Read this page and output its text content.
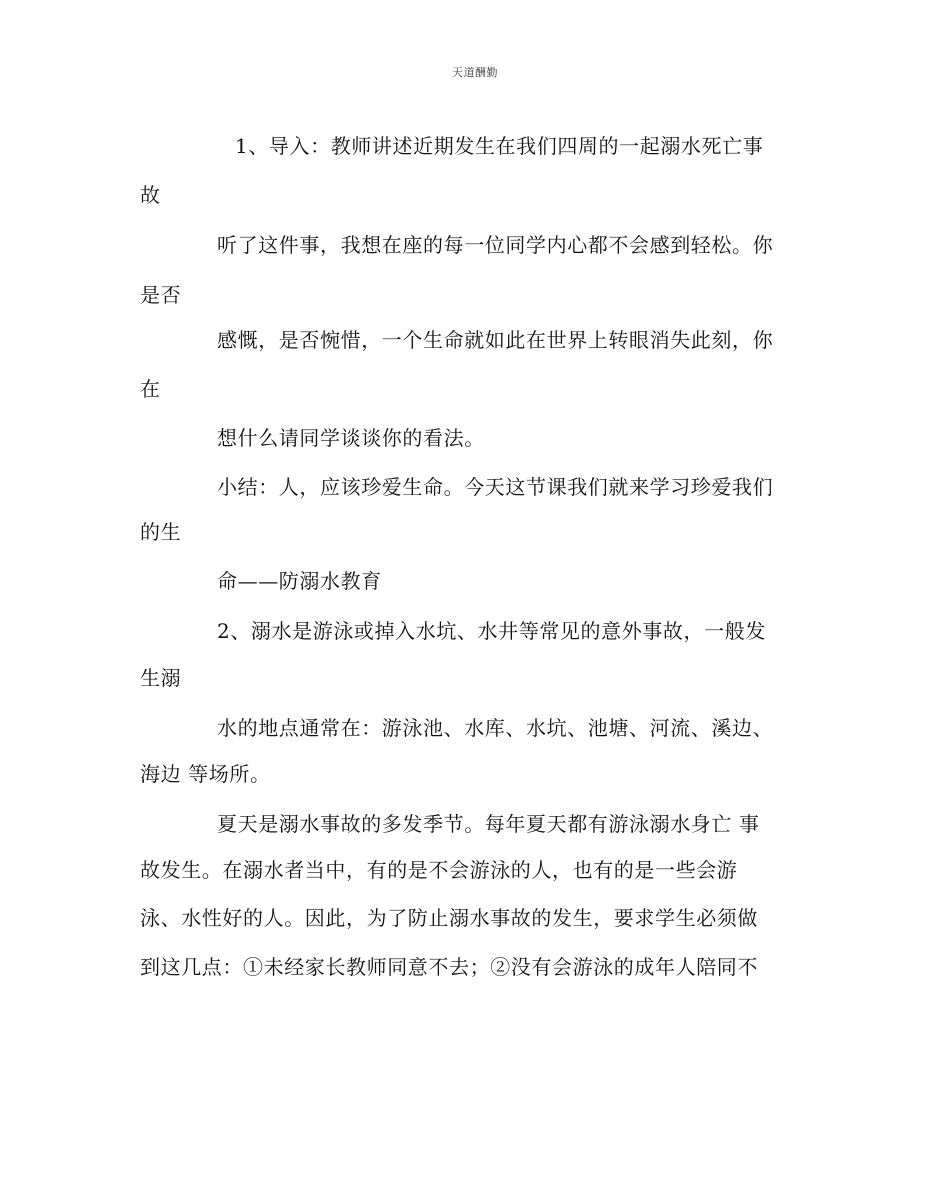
天道酬勤
1、导入：教师讲述近期发生在我们四周的一起溺水死亡事
故
听了这件事，我想在座的每一位同学内心都不会感到轻松。你
是否
感慨，是否惋惜，一个生命就如此在世界上转眼消失此刻，你
在
想什么请同学谈谈你的看法。
小结：人，应该珍爱生命。今天这节课我们就来学习珍爱我们
的生
命——防溺水教育
2、溺水是游泳或掉入水坑、水井等常见的意外事故，一般发
生溺
水的地点通常在：游泳池、水库、水坑、池塘、河流、溪边、
海边 等场所。
夏天是溺水事故的多发季节。每年夏天都有游泳溺水身亡 事
故发生。在溺水者当中，有的是不会游泳的人，也有的是一些会游
泳、水性好的人。因此，为了防止溺水事故的发生，要求学生必须做
到这几点：①未经家长教师同意不去；②没有会游泳的成年人陪同不
